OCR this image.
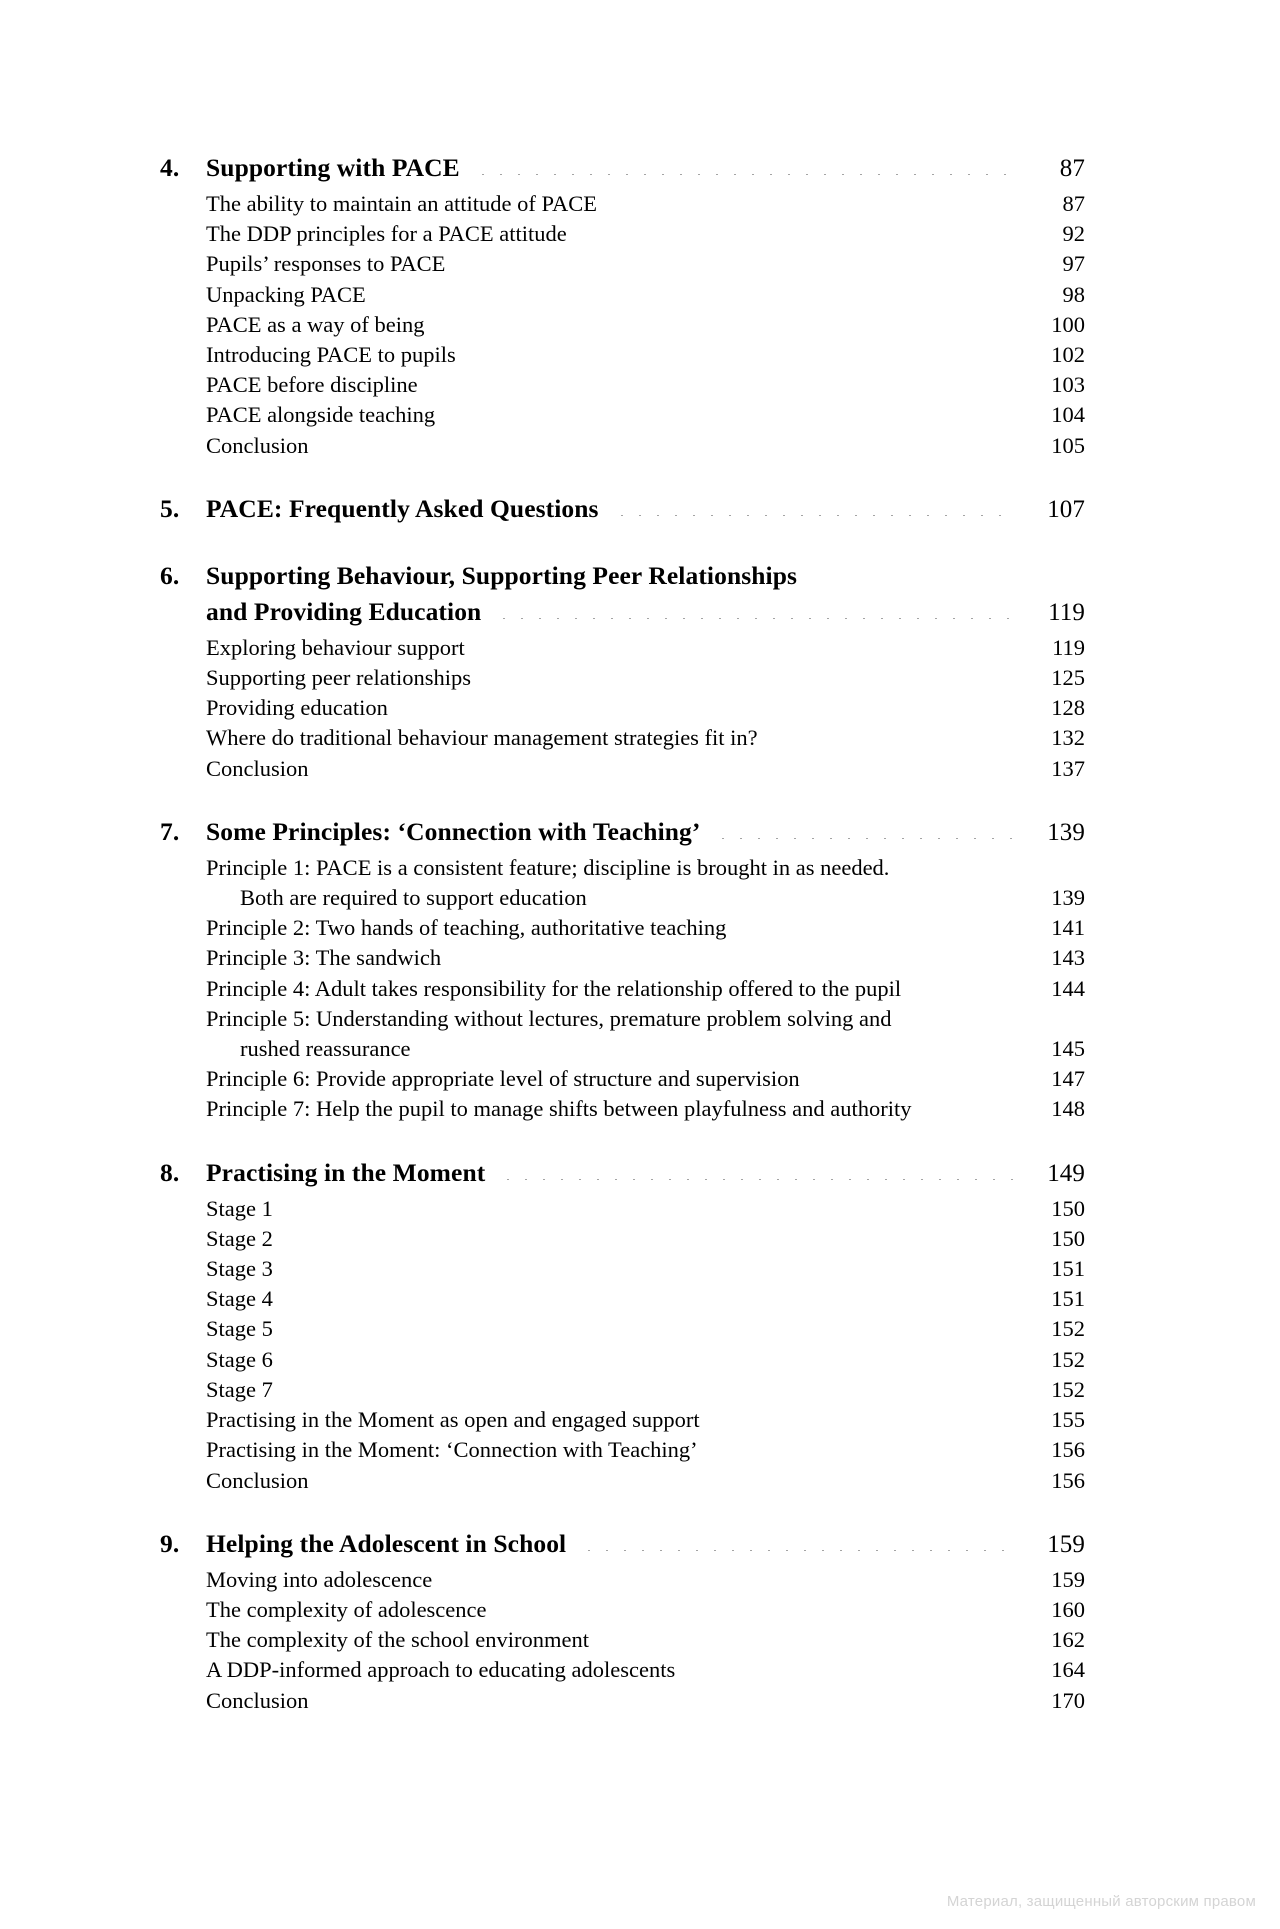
4.	Supporting with PACE	87
The ability to maintain an attitude of PACE	87
The DDP principles for a PACE attitude	92
Pupils’ responses to PACE	97
Unpacking PACE	98
PACE as a way of being	100
Introducing PACE to pupils	102
PACE before discipline	103
PACE alongside teaching	104
Conclusion	105
5.	PACE: Frequently Asked Questions	107
6.	Supporting Behaviour, Supporting Peer Relationships
and Providing Education	119
Exploring behaviour support	119
Supporting peer relationships	125
Providing education	128
Where do traditional behaviour management strategies fit in?	132
Conclusion	137
7.	Some Principles: ‘Connection with Teaching’	139
Principle 1: PACE is a consistent feature; discipline is brought in as needed.
Both are required to support education	139
Principle 2: Two hands of teaching, authoritative teaching	141
Principle 3: The sandwich	143
Principle 4: Adult takes responsibility for the relationship offered to the pupil	144
Principle 5: Understanding without lectures, premature problem solving and
rushed reassurance	145
Principle 6: Provide appropriate level of structure and supervision	147
Principle 7: Help the pupil to manage shifts between playfulness and authority	148
8.	Practising in the Moment	149
Stage 1	150
Stage 2	150
Stage 3	151
Stage 4	151
Stage 5	152
Stage 6	152
Stage 7	152
Practising in the Moment as open and engaged support	155
Practising in the Moment: ‘Connection with Teaching’	156
Conclusion	156
9.	Helping the Adolescent in School	159
Moving into adolescence	159
The complexity of adolescence	160
The complexity of the school environment	162
A DDP-informed approach to educating adolescents	164
Conclusion	170
Материал, защищенный авторским правом
